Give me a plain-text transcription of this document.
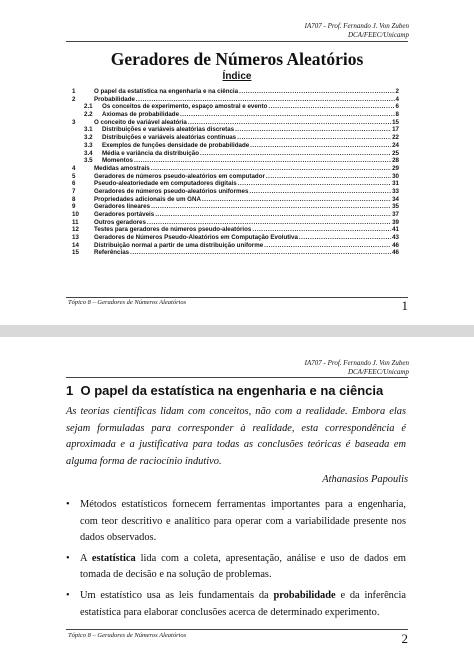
IA707 - Prof. Fernando J. Von Zuben
DCA/FEEC/Unicamp
Geradores de Números Aleatórios
Índice
1	O papel da estatística na engenharia e na ciência .....	2
2	Probabilidade .....	4
2.1	Os conceitos de experimento, espaço amostral e evento .....	6
2.2	Axiomas de probabilidade .....	8
3	O conceito de variável aleatória .....	15
3.1	Distribuições e variáveis aleatórias discretas .....	17
3.2	Distribuições e variáveis aleatórias contínuas .....	22
3.3	Exemplos de funções densidade de probabilidade .....	24
3.4	Média e variância da distribuição .....	25
3.5	Momentos .....	28
4	Medidas amostrais .....	29
5	Geradores de números pseudo-aleatórios em computador .....	30
6	Pseudo-aleatoriedade em computadores digitais .....	31
7	Geradores de números pseudo-aleatórios uniformes .....	33
8	Propriedades adicionais de um GNA .....	34
9	Geradores lineares .....	35
10	Geradores portáveis .....	37
11	Outros geradores .....	39
12	Testes para geradores de números pseudo-aleatórios .....	41
13	Geradores de Números Pseudo-Aleatórios em Computação Evolutiva .....	43
14	Distribuição normal a partir de uma distribuição uniforme .....	46
15	Referências .....	46
Tópico 8 – Geradores de Números Aleatórios	1
IA707 - Prof. Fernando J. Von Zuben
DCA/FEEC/Unicamp
1 O papel da estatística na engenharia e na ciência
As teorias científicas lidam com conceitos, não com a realidade. Embora elas sejam formuladas para corresponder à realidade, esta correspondência é aproximada e a justificativa para todas as conclusões teóricas é baseada em alguma forma de raciocínio indutivo.
Athanasios Papoulis
• Métodos estatísticos fornecem ferramentas importantes para a engenharia, com teor descritivo e analítico para operar com a variabilidade presente nos dados observados.
• A estatística lida com a coleta, apresentação, análise e uso de dados em tomada de decisão e na solução de problemas.
• Um estatístico usa as leis fundamentais da probabilidade e da inferência estatística para elaborar conclusões acerca de determinado experimento.
Tópico 8 – Geradores de Números Aleatórios	2
